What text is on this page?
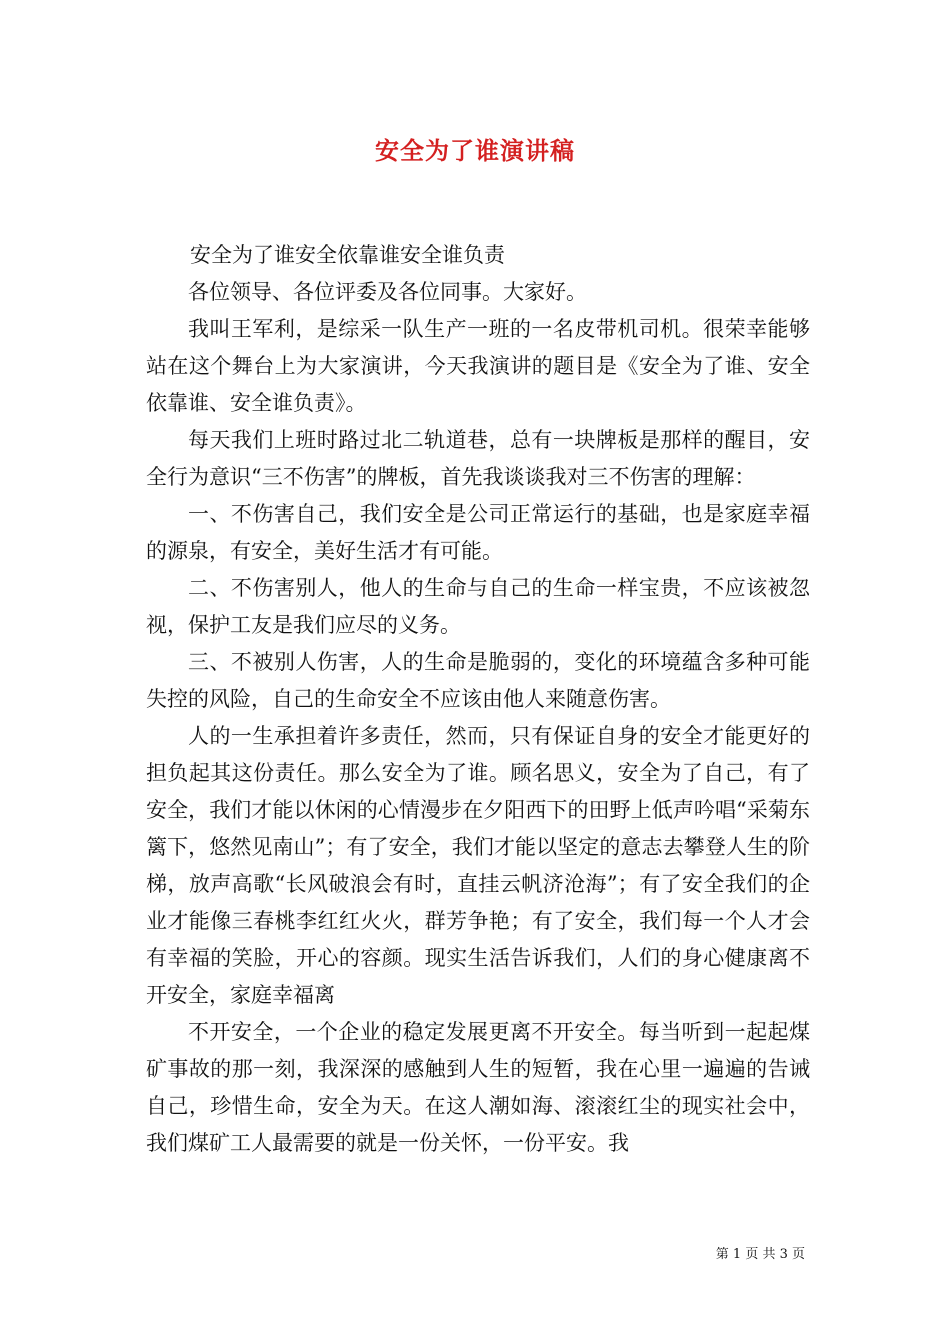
安全为了谁演讲稿

安全为了谁安全依靠谁安全谁负责

各位领导、各位评委及各位同事。大家好。

我叫王军利，是综采一队生产一班的一名皮带机司机。很荣幸能够站在这个舞台上为大家演讲，今天我演讲的题目是《安全为了谁、安全依靠谁、安全谁负责》。

每天我们上班时路过北二轨道巷，总有一块牌板是那样的醒目，安全行为意识“三不伤害”的牌板，首先我谈谈我对三不伤害的理解：

一、不伤害自己，我们安全是公司正常运行的基础，也是家庭幸福的源泉，有安全，美好生活才有可能。

二、不伤害别人，他人的生命与自己的生命一样宝贵，不应该被忽视，保护工友是我们应尽的义务。

三、不被别人伤害，人的生命是脆弱的，变化的环境蕴含多种可能失控的风险，自己的生命安全不应该由他人来随意伤害。

人的一生承担着许多责任，然而，只有保证自身的安全才能更好的担负起其这份责任。那么安全为了谁。顾名思义，安全为了自己，有了安全，我们才能以休闲的心情漫步在夕阳西下的田野上低声吟唱“采菊东篱下，悠然见南山”；有了安全，我们才能以坚定的意志去攀登人生的阶梯，放声高歌“长风破浪会有时，直挂云帆济沧海”；有了安全我们的企业才能像三春桃李红红火火，群芳争艳；有了安全，我们每一个人才会有幸福的笑脸，开心的容颜。现实生活告诉我们，人们的身心健康离不开安全，家庭幸福离

不开安全，一个企业的稳定发展更离不开安全。每当听到一起起煤矿事故的那一刻，我深深的感触到人生的短暂，我在心里一遍遍的告诫自己，珍惜生命，安全为天。在这人潮如海、滚滚红尘的现实社会中，我们煤矿工人最需要的就是一份关怀，一份平安。我

第 1 页 共 3 页
